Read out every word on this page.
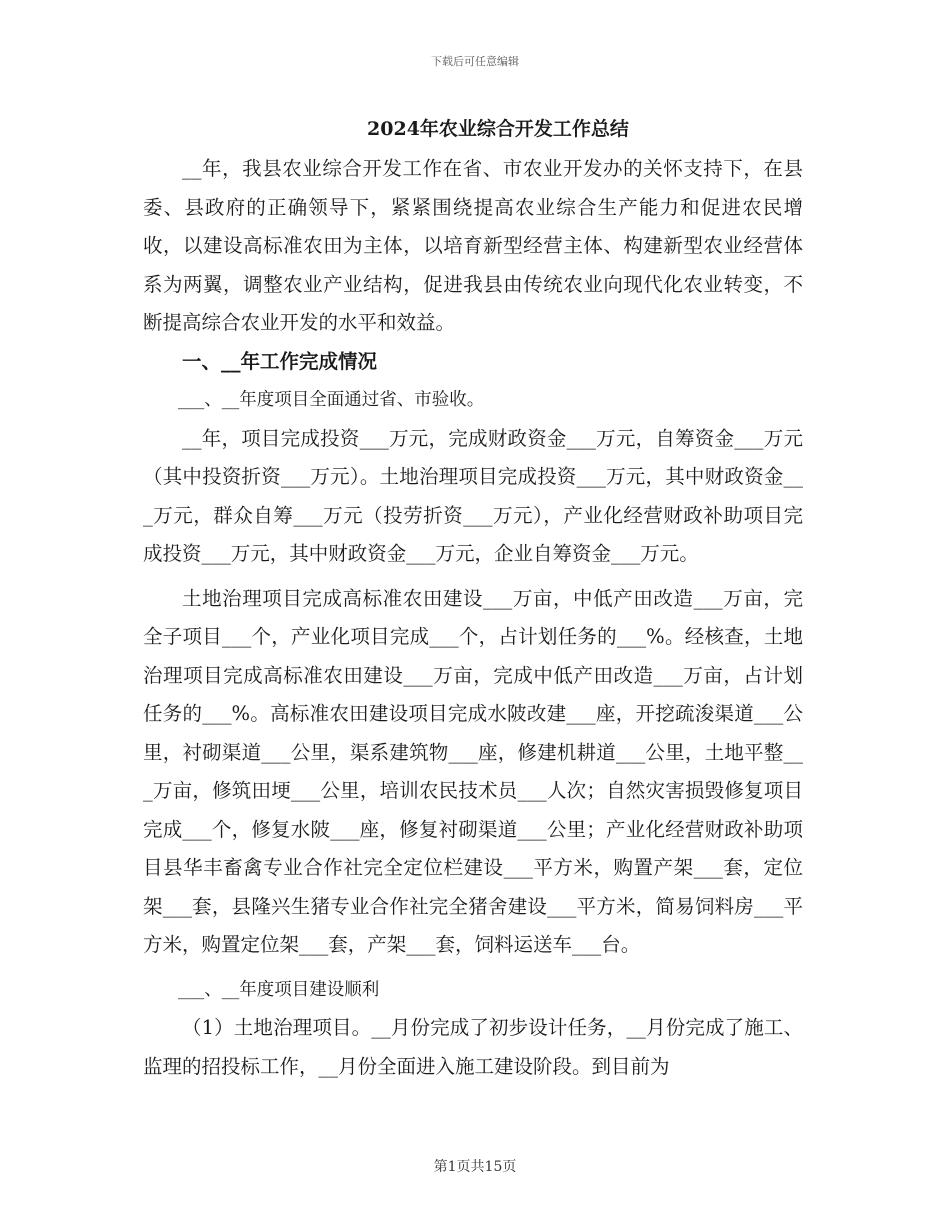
下载后可任意编辑
2024年农业综合开发工作总结

__年，我县农业综合开发工作在省、市农业开发办的关怀支持下，在县委、县政府的正确领导下，紧紧围绕提高农业综合生产能力和促进农民增收，以建设高标准农田为主体，以培育新型经营主体、构建新型农业经营体系为两翼，调整农业产业结构，促进我县由传统农业向现代化农业转变，不断提高综合农业开发的水平和效益。

一、__年工作完成情况

___、__年度项目全面通过省、市验收。

__年，项目完成投资___万元，完成财政资金___万元，自筹资金___万元（其中投资折资___万元）。土地治理项目完成投资___万元，其中财政资金___万元，群众自筹___万元（投劳折资___万元），产业化经营财政补助项目完成投资___万元，其中财政资金___万元，企业自筹资金___万元。

土地治理项目完成高标准农田建设___万亩，中低产田改造___万亩，完全子项目___个，产业化项目完成___个，占计划任务的___%。经核查，土地治理项目完成高标准农田建设___万亩，完成中低产田改造___万亩，占计划任务的___%。高标准农田建设项目完成水陂改建___座，开挖疏浚渠道___公里，衬砌渠道___公里，渠系建筑物___座，修建机耕道___公里，土地平整___万亩，修筑田埂___公里，培训农民技术员___人次；自然灾害损毁修复项目完成___个，修复水陂___座，修复衬砌渠道___公里；产业化经营财政补助项目县华丰畜禽专业合作社完全定位栏建设___平方米，购置产架___套，定位架___套，县隆兴生猪专业合作社完全猪舍建设___平方米，简易饲料房___平方米，购置定位架___套，产架___套，饲料运送车___台。

___、__年度项目建设顺利

（1）土地治理项目。__月份完成了初步设计任务，__月份完成了施工、监理的招投标工作，__月份全面进入施工建设阶段。到目前为

第1页共15页
